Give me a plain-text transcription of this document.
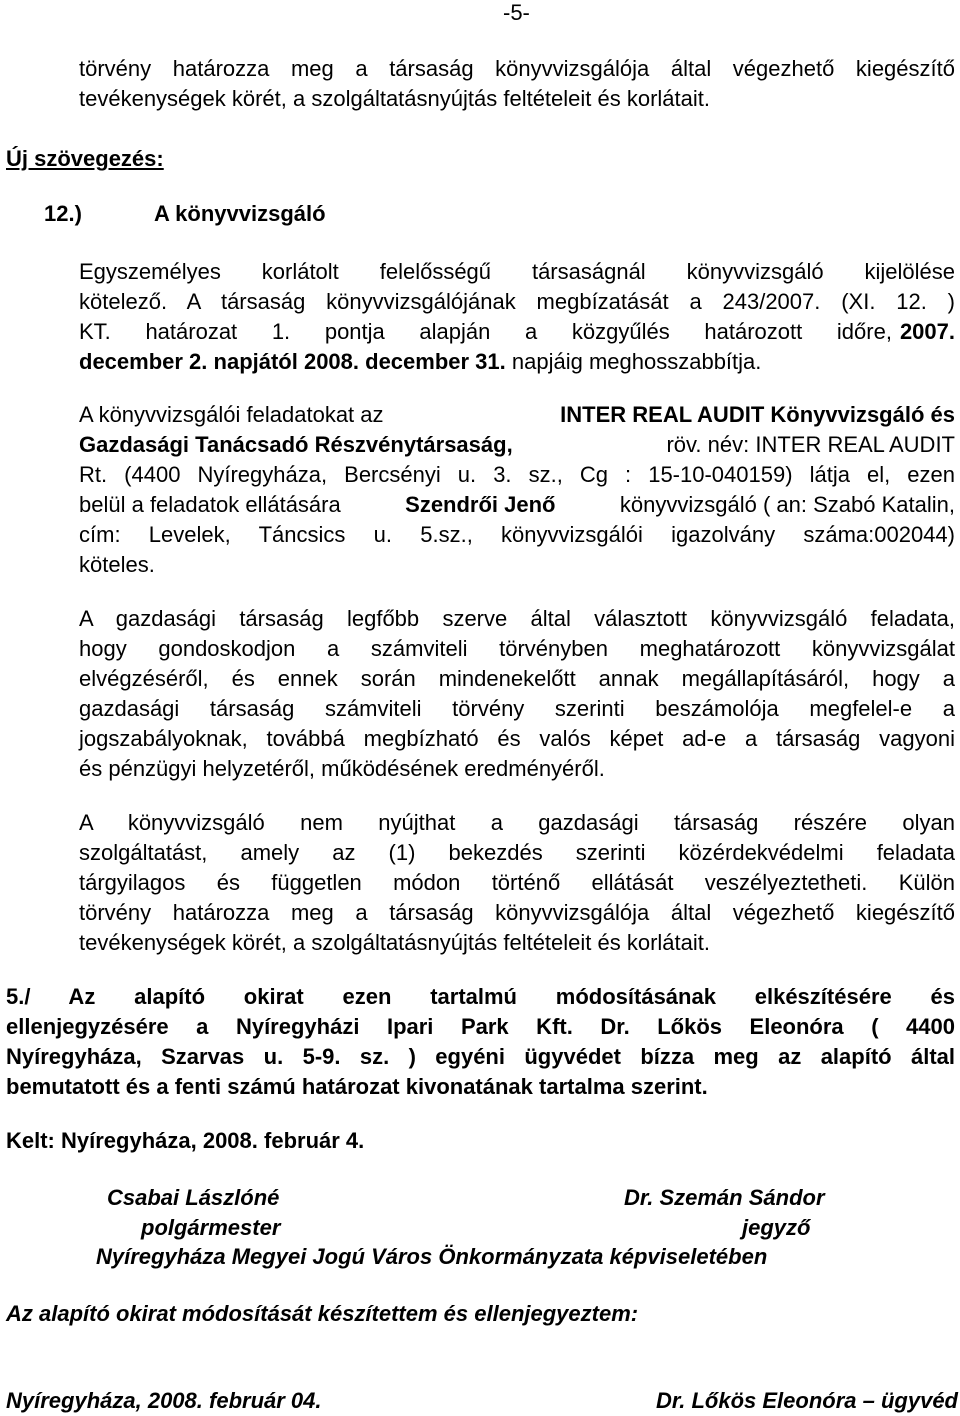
-5-
törvény határozza meg a társaság könyvvizsgálója által végezhető kiegészítő
tevékenységek körét, a szolgáltatásnyújtás feltételeit és korlátait.
Új szövegezés:
12.)	A könyvvizsgáló
Egyszemélyes korlátolt felelősségű társaságnál könyvvizsgáló kijelölése
kötelező. A társaság könyvvizsgálójának megbízatását a 243/2007. (XI. 12. )
KT. határozat 1. pontja alapján a közgyűlés határozott időre, 2007.
december 2. napjától 2008. december 31. napjáig meghosszabbítja.
A könyvvizsgálói feladatokat az	INTER REAL AUDIT Könyvvizsgáló és
Gazdasági Tanácsadó Részvénytársaság,	röv. név: INTER REAL AUDIT
Rt. (4400 Nyíregyháza, Bercsényi u. 3. sz., Cg : 15-10-040159) látja el, ezen
belül a feladatok ellátására	Szendrői Jenő	könyvvizsgáló ( an: Szabó Katalin,
cím: Levelek, Táncsics u. 5.sz., könyvvizsgálói igazolvány száma:002044)
köteles.
A gazdasági társaság legfőbb szerve által választott könyvvizsgáló feladata,
hogy gondoskodjon a számviteli törvényben meghatározott könyvvizsgálat
elvégzéséről, és ennek során mindenekelőtt annak megállapításáról, hogy a
gazdasági társaság számviteli törvény szerinti beszámolója megfelel-e a
jogszabályoknak, továbbá megbízható és valós képet ad-e a társaság vagyoni
és pénzügyi helyzetéről, működésének eredményéről.
A könyvvizsgáló nem nyújthat a gazdasági társaság részére olyan
szolgáltatást, amely az (1) bekezdés szerinti közérdekvédelmi feladata
tárgyilagos és független módon történő ellátását veszélyeztetheti. Külön
törvény határozza meg a társaság könyvvizsgálója által végezhető kiegészítő
tevékenységek körét, a szolgáltatásnyújtás feltételeit és korlátait.
5./ Az alapító okirat ezen tartalmú módosításának elkészítésére és
ellenjegyzésére a Nyíregyházi Ipari Park Kft. Dr. Lőkös Eleonóra ( 4400
Nyíregyháza, Szarvas u. 5-9. sz. ) egyéni ügyvédet bízza meg az alapító által
bemutatott és a fenti számú határozat kivonatának tartalma szerint.
Kelt: Nyíregyháza, 2008. február 4.
Csabai Lászlóné	Dr. Szemán Sándor
polgármester	jegyző
Nyíregyháza Megyei Jogú Város Önkormányzata képviseletében
Az alapító okirat módosítását készítettem és ellenjegyeztem:
Nyíregyháza, 2008. február 04.	Dr. Lőkös Eleonóra – ügyvéd
